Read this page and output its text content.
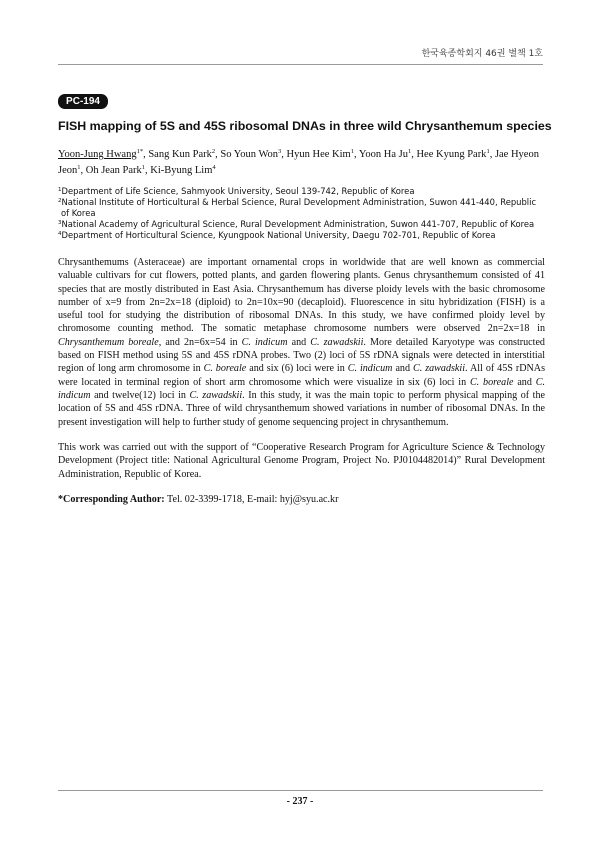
한국육종학회지 46권 별책 1호
PC-194
FISH mapping of 5S and 45S ribosomal DNAs in three wild Chrysanthemum species
Yoon-Jung Hwang$^{1*}$, Sang Kun Park$^2$, So Youn Won$^3$, Hyun Hee Kim$^1$, Yoon Ha Ju$^1$, Hee Kyung Park$^1$, Jae Hyeon Jeon$^1$, Oh Jean Park$^1$, Ki-Byung Lim$^4$
$^1$Department of Life Science, Sahmyook University, Seoul 139-742, Republic of Korea
$^2$National Institute of Horticultural & Herbal Science, Rural Development Administration, Suwon 441-440, Republic of Korea
$^3$National Academy of Agricultural Science, Rural Development Administration, Suwon 441-707, Republic of Korea
$^4$Department of Horticultural Science, Kyungpook National University, Daegu 702-701, Republic of Korea
Chrysanthemums (Asteraceae) are important ornamental crops in worldwide that are well known as commercial valuable cultivars for cut flowers, potted plants, and garden flowering plants. Genus chrysanthemum consisted of 41 species that are mostly distributed in East Asia. Chrysanthemum has diverse ploidy levels with the basic chromosome number of x=9 from 2n=2x=18 (diploid) to 2n=10x=90 (decaploid). Fluorescence in situ hybridization (FISH) is a useful tool for studying the distribution of ribosomal DNAs. In this study, we have confirmed ploidy level by chromosome counting method. The somatic metaphase chromosome numbers were observed 2n=2x=18 in Chrysanthemum boreale, and 2n=6x=54 in C. indicum and C. zawadskii. More detailed Karyotype was constructed based on FISH method using 5S and 45S rDNA probes. Two (2) loci of 5S rDNA signals were detected in interstitial region of long arm chromosome in C. boreale and six (6) loci were in C. indicum and C. zawadskii. All of 45S rDNAs were located in terminal region of short arm chromosome which were visualize in six (6) loci in C. boreale and C. indicum and twelve(12) loci in C. zawadskii. In this study, it was the main topic to perform physical mapping of the location of 5S and 45S rDNA. Three of wild chrysanthemum showed variations in number of ribosomal DNAs. In the present investigation will help to further study of genome sequencing project in chrysanthemum.
This work was carried out with the support of “Cooperative Research Program for Agriculture Science & Technology Development (Project title: National Agricultural Genome Program, Project No. PJ0104482014)” Rural Development Administration, Republic of Korea.
*Corresponding Author: Tel. 02-3399-1718, E-mail: hyj@syu.ac.kr
- 237 -
